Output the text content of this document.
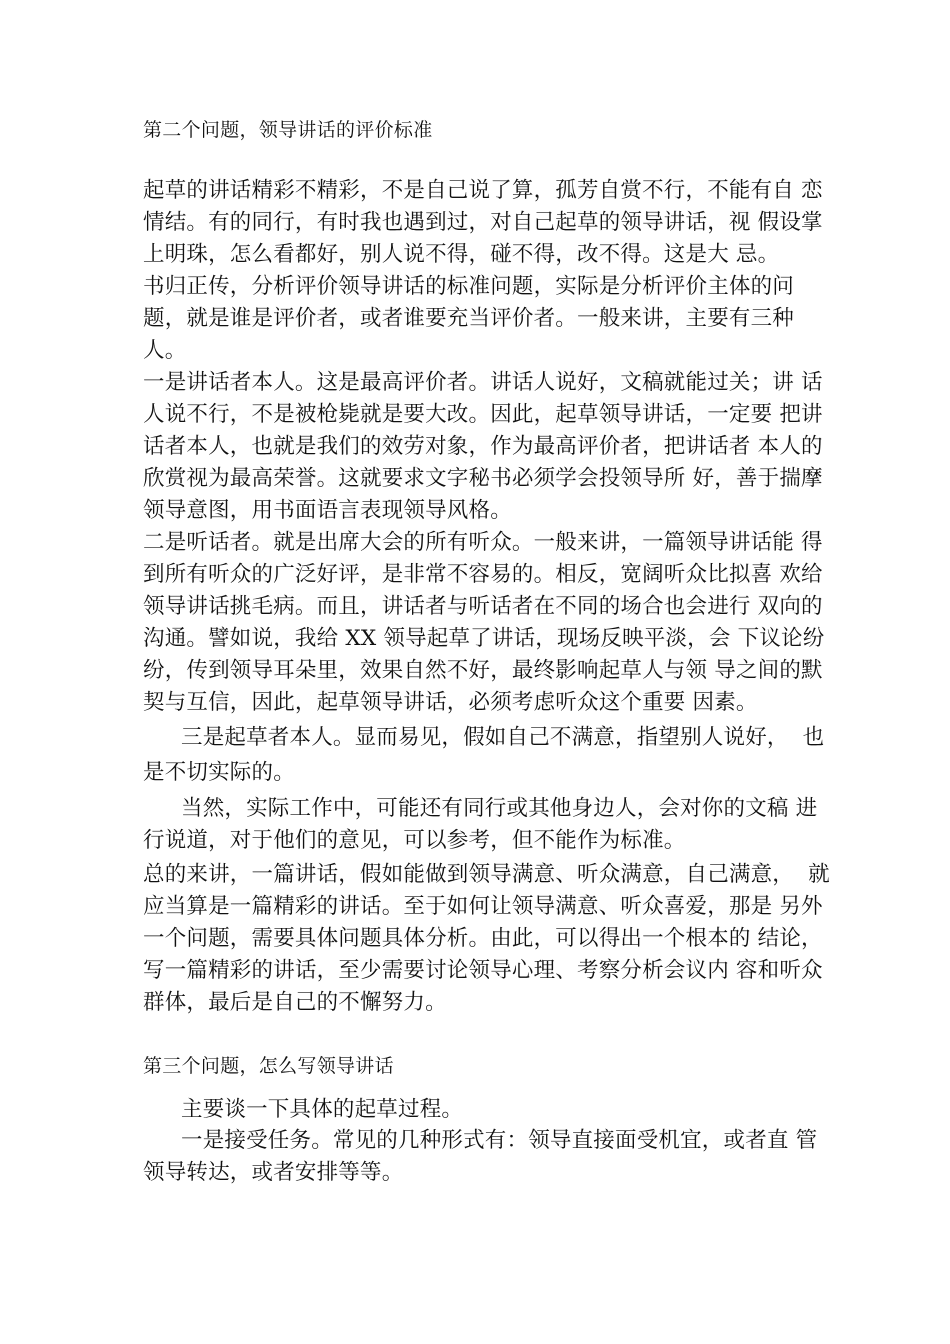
第二个问题，领导讲话的评价标准
起草的讲话精彩不精彩，不是自己说了算，孤芳自赏不行，不能有自 恋
情结。有的同行，有时我也遇到过，对自己起草的领导讲话，视 假设掌
上明珠，怎么看都好，别人说不得，碰不得，改不得。这是大 忌。
书归正传，分析评价领导讲话的标准问题，实际是分析评价主体的问
题，就是谁是评价者，或者谁要充当评价者。一般来讲，主要有三种
人。
一是讲话者本人。这是最高评价者。讲话人说好，文稿就能过关；讲 话
人说不行，不是被枪毙就是要大改。因此，起草领导讲话，一定要 把讲
话者本人，也就是我们的效劳对象，作为最高评价者，把讲话者 本人的
欣赏视为最高荣誉。这就要求文字秘书必须学会投领导所 好，善于揣摩
领导意图，用书面语言表现领导风格。
二是听话者。就是出席大会的所有听众。一般来讲，一篇领导讲话能 得
到所有听众的广泛好评，是非常不容易的。相反，宽阔听众比拟喜 欢给
领导讲话挑毛病。而且，讲话者与听话者在不同的场合也会进行 双向的
沟通。譬如说，我给 XX 领导起草了讲话，现场反映平淡，会 下议论纷
纷，传到领导耳朵里，效果自然不好，最终影响起草人与领 导之间的默
契与互信，因此，起草领导讲话，必须考虑听众这个重要 因素。
三是起草者本人。显而易见，假如自己不满意，指望别人说好，  也
是不切实际的。
当然，实际工作中，可能还有同行或其他身边人，会对你的文稿 进
行说道，对于他们的意见，可以参考，但不能作为标准。
总的来讲，一篇讲话，假如能做到领导满意、听众满意，自己满意，  就
应当算是一篇精彩的讲话。至于如何让领导满意、听众喜爱，那是 另外
一个问题，需要具体问题具体分析。由此，可以得出一个根本的 结论，
写一篇精彩的讲话，至少需要讨论领导心理、考察分析会议内 容和听众
群体，最后是自己的不懈努力。
第三个问题，怎么写领导讲话
主要谈一下具体的起草过程。
一是接受任务。常见的几种形式有：领导直接面受机宜，或者直 管
领导转达，或者安排等等。
